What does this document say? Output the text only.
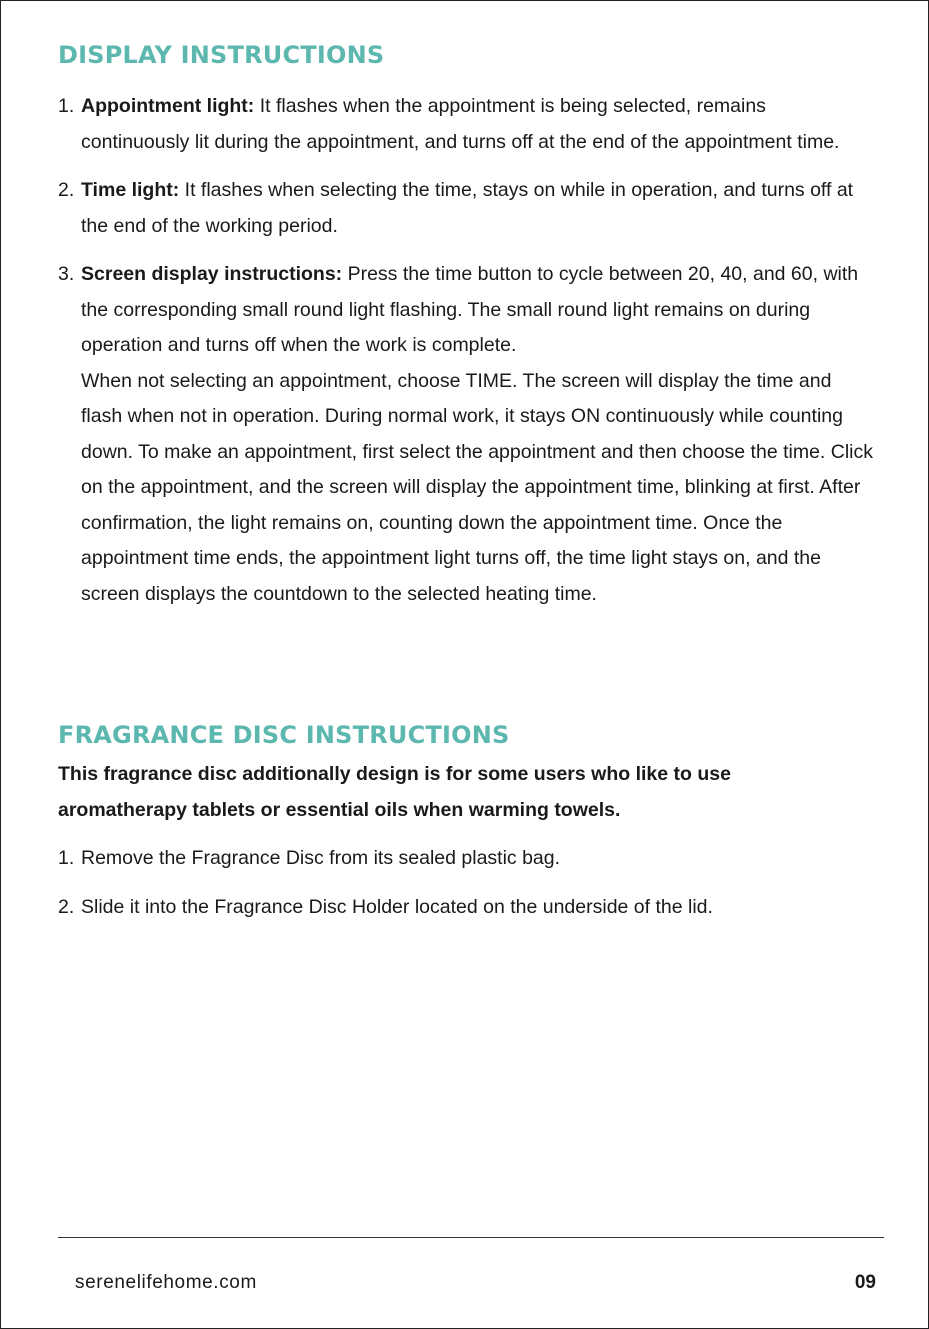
DISPLAY INSTRUCTIONS
1. Appointment light: It flashes when the appointment is being selected, remains continuously lit during the appointment, and turns off at the end of the appointment time.

2. Time light: It flashes when selecting the time, stays on while in operation, and turns off at the end of the working period.

3. Screen display instructions: Press the time button to cycle between 20, 40, and 60, with the corresponding small round light flashing. The small round light remains on during operation and turns off when the work is complete.

When not selecting an appointment, choose TIME. The screen will display the time and flash when not in operation. During normal work, it stays ON continuously while counting down. To make an appointment, first select the appointment and then choose the time. Click on the appointment, and the screen will display the appointment time, blinking at first. After confirmation, the light remains on, counting down the appointment time. Once the appointment time ends, the appointment light turns off, the time light stays on, and the screen displays the countdown to the selected heating time.

FRAGRANCE DISC INSTRUCTIONS

This fragrance disc additionally design is for some users who like to use aromatherapy tablets or essential oils when warming towels.

1. Remove the Fragrance Disc from its sealed plastic bag.

2. Slide it into the Fragrance Disc Holder located on the underside of the lid.

serenelifehome.com	09
